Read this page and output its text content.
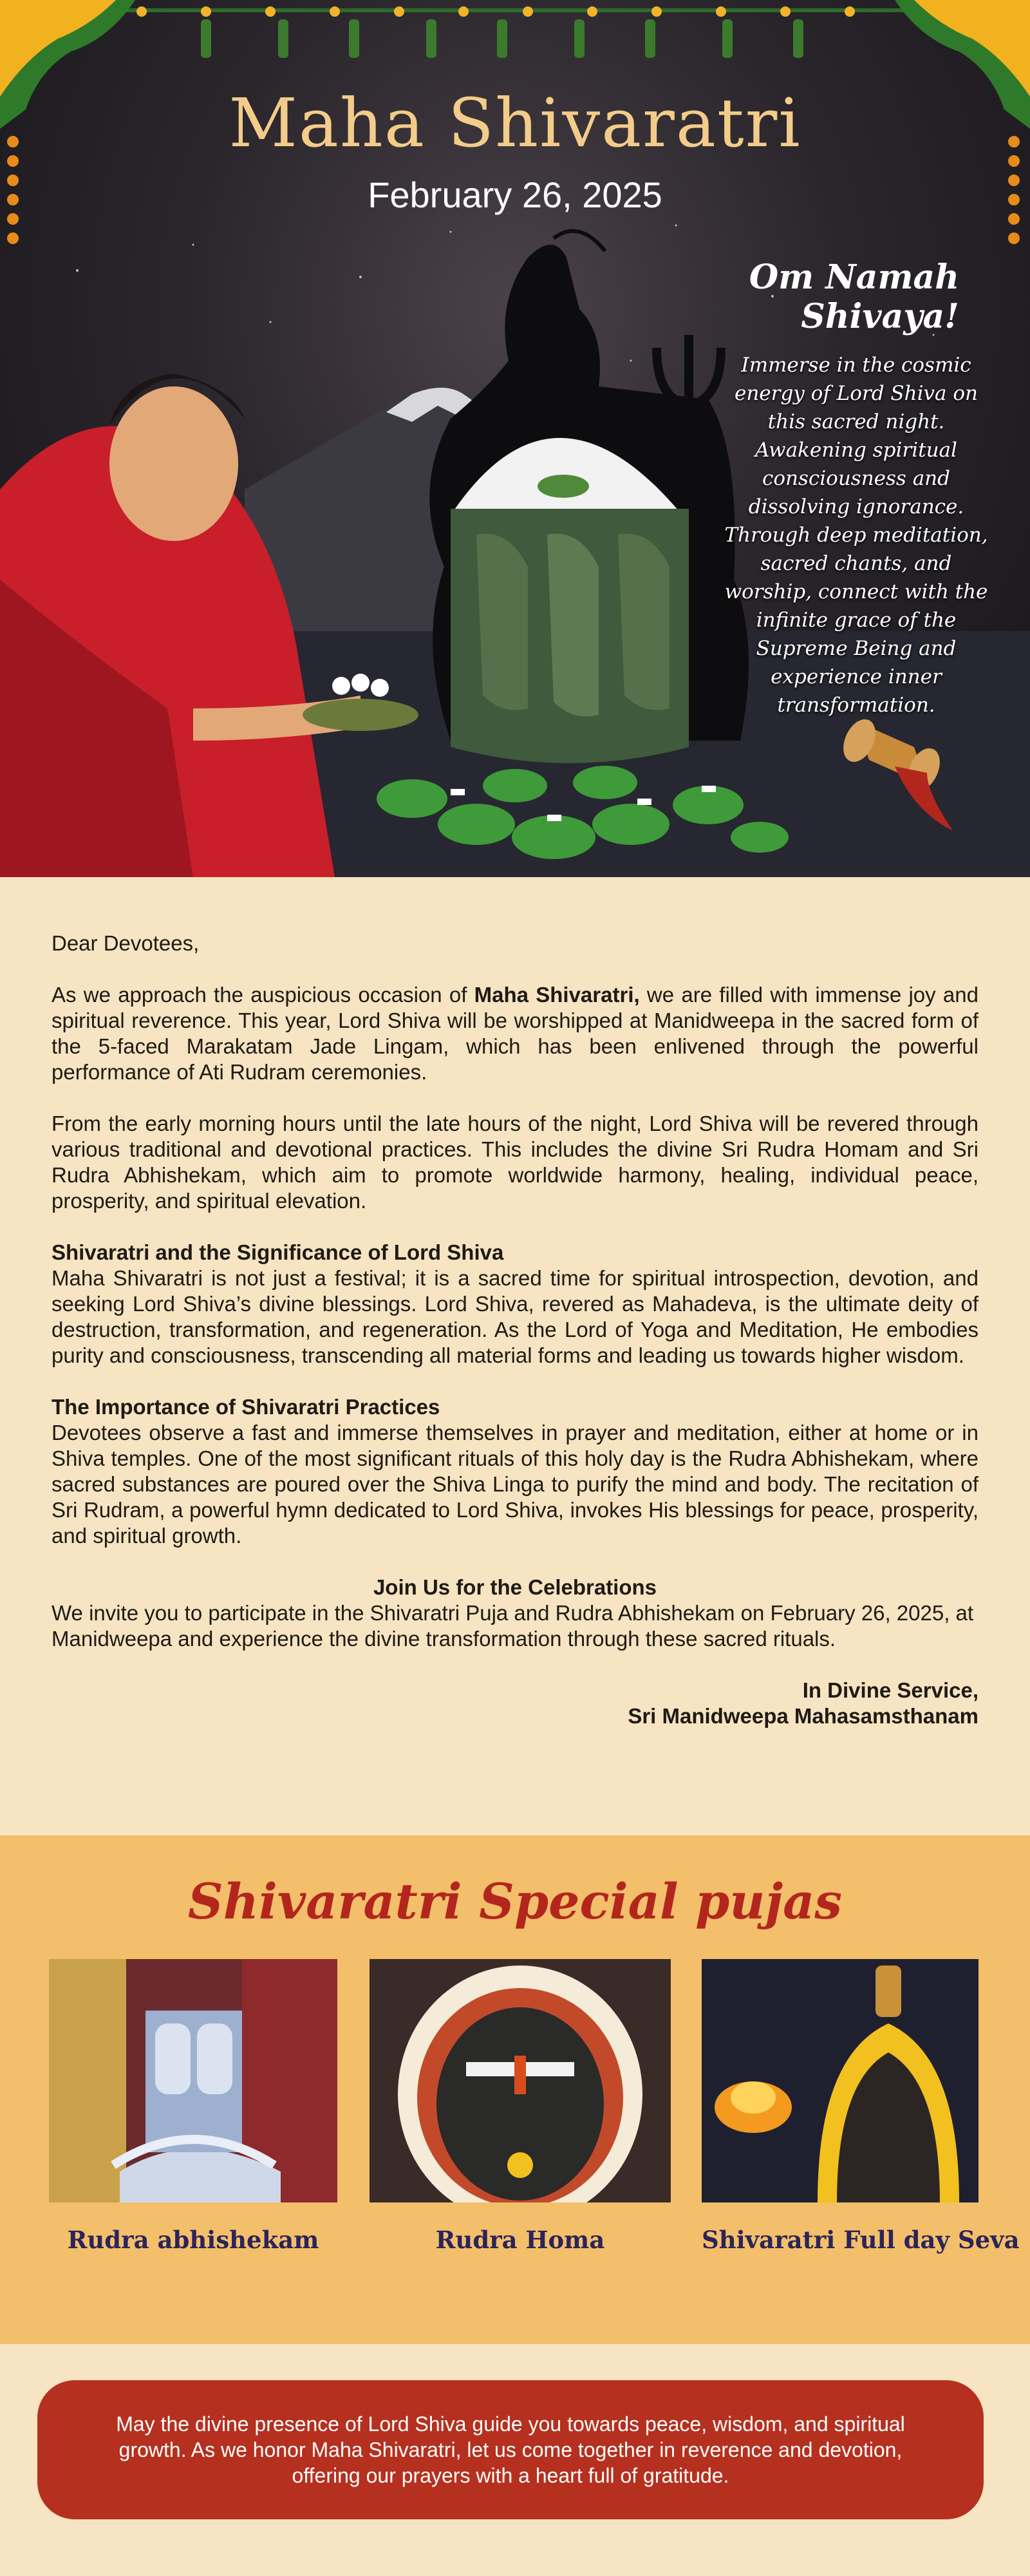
Maha Shivaratri
February 26, 2025
Om Namah Shivaya!
Immerse in the cosmic energy of Lord Shiva on this sacred night. Awakening spiritual consciousness and dissolving ignorance. Through deep meditation, sacred chants, and worship, connect with the infinite grace of the Supreme Being and experience inner transformation.

Dear Devotees,

As we approach the auspicious occasion of Maha Shivaratri, we are filled with immense joy and spiritual reverence. This year, Lord Shiva will be worshipped at Manidweepa in the sacred form of the 5-faced Marakatam Jade Lingam, which has been enlivened through the powerful performance of Ati Rudram ceremonies.

From the early morning hours until the late hours of the night, Lord Shiva will be revered through various traditional and devotional practices. This includes the divine Sri Rudra Homam and Sri Rudra Abhishekam, which aim to promote worldwide harmony, healing, individual peace, prosperity, and spiritual elevation.

Shivaratri and the Significance of Lord Shiva
Maha Shivaratri is not just a festival; it is a sacred time for spiritual introspection, devotion, and seeking Lord Shiva’s divine blessings. Lord Shiva, revered as Mahadeva, is the ultimate deity of destruction, transformation, and regeneration. As the Lord of Yoga and Meditation, He embodies purity and consciousness, transcending all material forms and leading us towards higher wisdom.

The Importance of Shivaratri Practices
Devotees observe a fast and immerse themselves in prayer and meditation, either at home or in Shiva temples. One of the most significant rituals of this holy day is the Rudra Abhishekam, where sacred substances are poured over the Shiva Linga to purify the mind and body. The recitation of Sri Rudram, a powerful hymn dedicated to Lord Shiva, invokes His blessings for peace, prosperity, and spiritual growth.

Join Us for the Celebrations
We invite you to participate in the Shivaratri Puja and Rudra Abhishekam on February 26, 2025, at Manidweepa and experience the divine transformation through these sacred rituals.

In Divine Service,
Sri Manidweepa Mahasamsthanam

Shivaratri Special pujas
Rudra abhishekam	Rudra Homa	Shivaratri Full day Seva
May the divine presence of Lord Shiva guide you towards peace, wisdom, and spiritual growth. As we honor Maha Shivaratri, let us come together in reverence and devotion, offering our prayers with a heart full of gratitude.
